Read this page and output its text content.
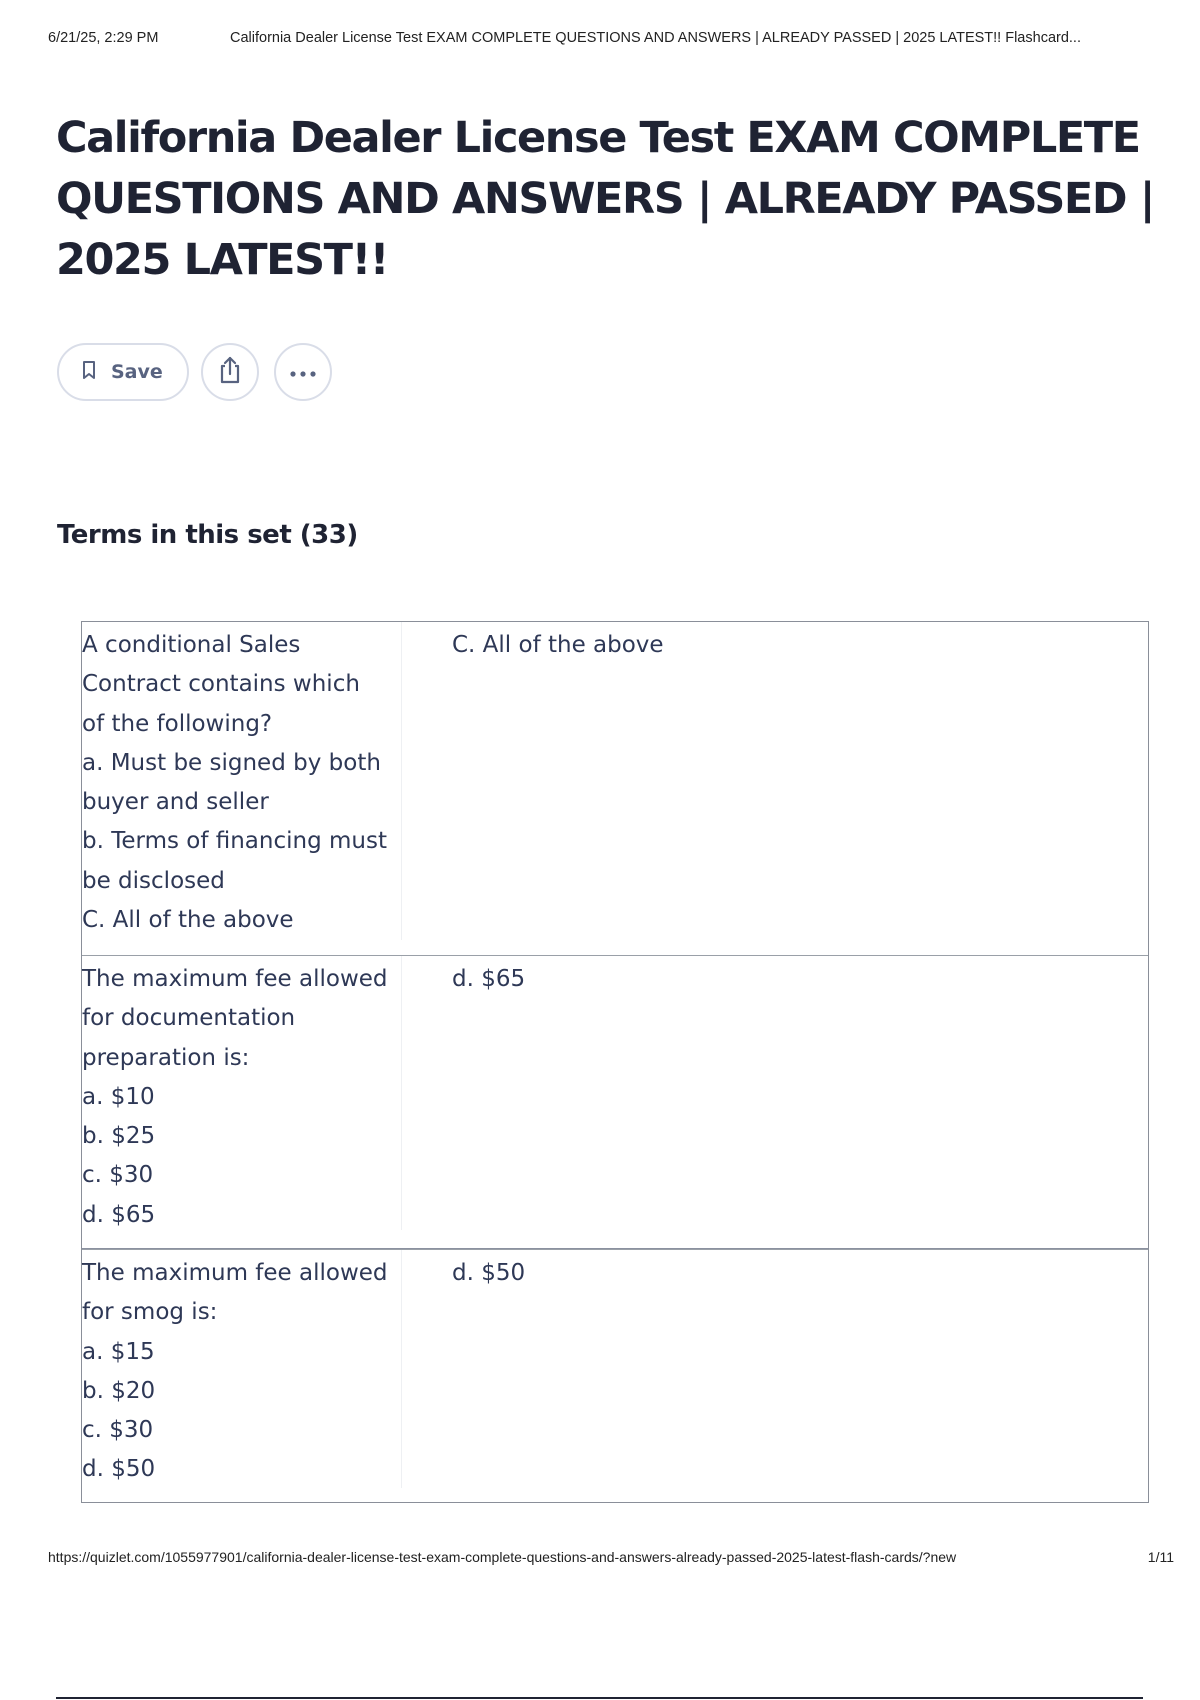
6/21/25, 2:29 PM	California Dealer License Test EXAM COMPLETE QUESTIONS AND ANSWERS | ALREADY PASSED | 2025 LATEST!! Flashcard...
California Dealer License Test EXAM COMPLETE QUESTIONS AND ANSWERS | ALREADY PASSED | 2025 LATEST!!
Save
Terms in this set (33)
A conditional Sales
Contract contains which
of the following?
a. Must be signed by both
buyer and seller
b. Terms of financing must
be disclosed
C. All of the above
C. All of the above
The maximum fee allowed
for documentation
preparation is:
a. $10
b. $25
c. $30
d. $65
d. $65
The maximum fee allowed
for smog is:
a. $15
b. $20
c. $30
d. $50
d. $50
https://quizlet.com/1055977901/california-dealer-license-test-exam-complete-questions-and-answers-already-passed-2025-latest-flash-cards/?new	1/11
